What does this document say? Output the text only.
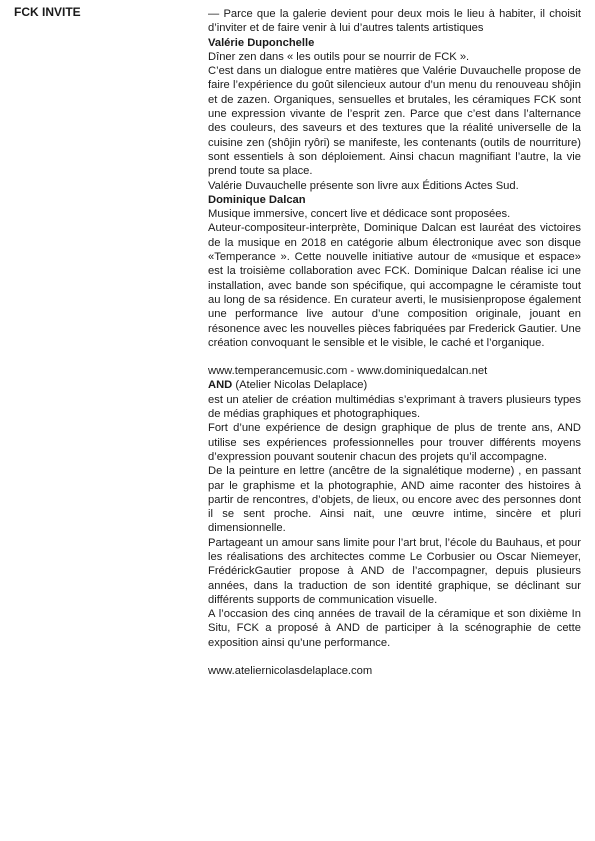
FCK INVITE	— Parce que la galerie devient pour deux mois le lieu à habiter, il choisit d’inviter et de faire venir à lui d’autres talents artistiques

Valérie Duponchelle

Dîner zen dans « les outils pour se nourrir de FCK ».

C’est dans un dialogue entre matières que Valérie Duvauchelle propose de faire l’expérience du goût silencieux autour d’un menu du renouveau shôjin et de zazen. Organiques, sensuelles et brutales, les céramiques FCK sont une expression vivante de l’esprit zen. Parce que c’est dans l’alternance des couleurs, des saveurs et des textures que la réalité universelle de la cuisine zen (shôjin ryôri) se manifeste, les contenants (outils de nourriture) sont essentiels à son déploiement. Ainsi chacun magnifiant l’autre, la vie prend toute sa place.

Valérie Duvauchelle présente son livre aux Éditions Actes Sud.

Dominique Dalcan

Musique immersive, concert live et dédicace sont proposées.

Auteur-compositeur-interprète, Dominique Dalcan est lauréat des victoires de la musique en 2018 en catégorie album électronique avec son disque «Temperance ». Cette nouvelle initiative autour de «musique et espace» est la troisième collaboration avec FCK. Dominique Dalcan réalise ici une installation, avec bande son spécifique, qui accompagne le céramiste tout au long de sa résidence. En curateur averti, le musisienpropose également une performance live autour d’une composition originale, jouant en résonence avec les nouvelles pièces fabriquées par Frederick Gautier. Une création convoquant le sensible et le visible, le caché et l’organique.

www.temperancemusic.com - www.dominiquedalcan.net

AND (Atelier Nicolas Delaplace)

est un atelier de création multimédias s’exprimant à travers plusieurs types de médias graphiques et photographiques.

Fort d’une expérience de design graphique de plus de trente ans, AND utilise ses expériences professionnelles pour trouver différents moyens d’expression pouvant soutenir chacun des projets qu’il accompagne.

De la peinture en lettre (ancêtre de la signalétique moderne) , en passant par le graphisme et la photographie, AND aime raconter des histoires à partir de rencontres, d’objets, de lieux, ou encore avec des personnes dont il se sent proche. Ainsi nait, une œuvre intime, sincère et pluri dimensionnelle.

Partageant un amour sans limite pour l’art brut, l’école du Bauhaus, et pour les réalisations des architectes comme Le Corbusier ou Oscar Niemeyer, FrédérickGautier propose à AND de l’accompagner, depuis plusieurs années, dans la traduction de son identité graphique, se déclinant sur différents supports de communication visuelle.

A l’occasion des cinq années de travail de la céramique et son dixième In Situ, FCK a proposé à AND de participer à la scénographie de cette exposition ainsi qu’une performance.

www.ateliernicolasdelaplace.com
